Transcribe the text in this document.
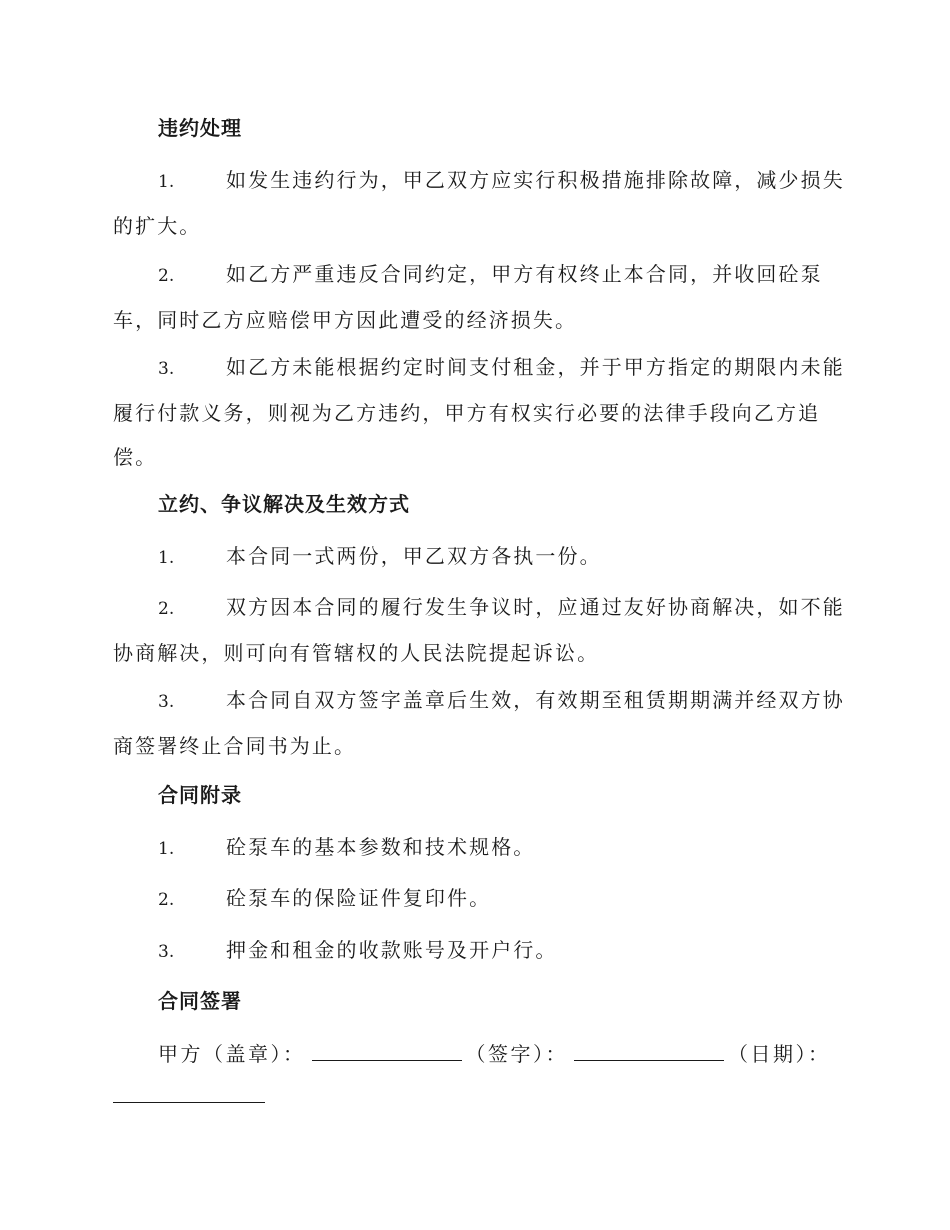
违约处理
1.	如发生违约行为，甲乙双方应实行积极措施排除故障，减少损失
的扩大。
2.	如乙方严重违反合同约定，甲方有权终止本合同，并收回砼泵
车，同时乙方应赔偿甲方因此遭受的经济损失。
3.	如乙方未能根据约定时间支付租金，并于甲方指定的期限内未能
履行付款义务，则视为乙方违约，甲方有权实行必要的法律手段向乙方追
偿。
立约、争议解决及生效方式
1.	本合同一式两份，甲乙双方各执一份。
2.	双方因本合同的履行发生争议时，应通过友好协商解决，如不能
协商解决，则可向有管辖权的人民法院提起诉讼。
3.	本合同自双方签字盖章后生效，有效期至租赁期期满并经双方协
商签署终止合同书为止。
合同附录
1.	砼泵车的基本参数和技术规格。
2.	砼泵车的保险证件复印件。
3.	押金和租金的收款账号及开户行。
合同签署
甲方（盖章）：	（签字）：	（日期）：
